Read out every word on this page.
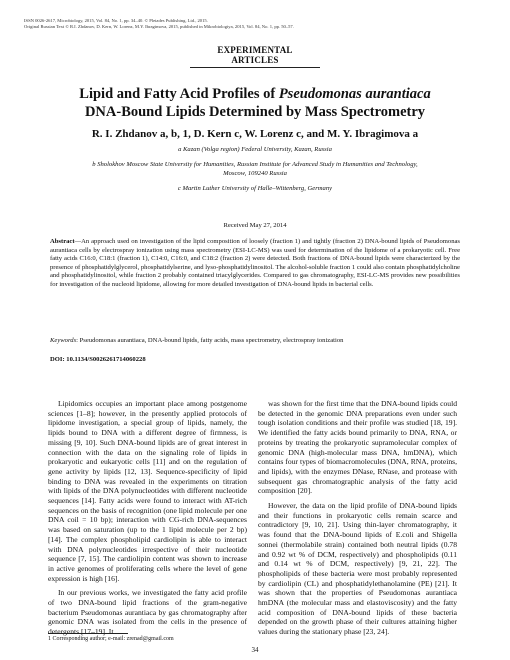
ISSN 0026-2617, Microbiology, 2015, Vol. 84, No. 1, pp. 34–40. © Pleiades Publishing, Ltd., 2015.
Original Russian Text © R.I. Zhdanov, D. Kern, W. Lorenz, M.Y. Ibragimova, 2015, published in Mikrobiologiya, 2015, Vol. 84, No. 1, pp. 50–57.
EXPERIMENTAL
ARTICLES
Lipid and Fatty Acid Profiles of Pseudomonas aurantiaca
DNA-Bound Lipids Determined by Mass Spectrometry
R. I. Zhdanov a, b, 1, D. Kern c, W. Lorenz c, and M. Y. Ibragimova a
a Kazan (Volga region) Federal University, Kazan, Russia
b Sholokhov Moscow State University for Humanities, Russian Institute for Advanced Study in Humanities and Technology,
Moscow, 109240 Russia
c Martin Luther University of Halle–Wittenberg, Germany
Received May 27, 2014
Abstract—An approach used on investigation of the lipid composition of loosely (fraction 1) and tightly (fraction 2) DNA-bound lipids of Pseudomonas aurantiaca cells by electrospray ionization using mass spectrometry (ESI-LC-MS) was used for determination of the lipidome of a prokaryotic cell. Free fatty acids C16:0, C18:1 (fraction 1), C14:0, C16:0, and C18:2 (fraction 2) were detected. Both fractions of DNA-bound lipids were characterized by the presence of phosphatidylglycerol, phosphatidylserine, and lyso-phosphatidylinositol. The alcohol-soluble fraction 1 could also contain phosphatidylcholine and phosphatidylinositol, while fraction 2 probably contained triacylglycerides. Compared to gas chromatography, ESI-LC-MS provides new possibilities for investigation of the nucleoid lipidome, allowing for more detailed investigation of DNA-bound lipids in bacterial cells.
Keywords: Pseudomonas aurantiaca, DNA-bound lipids, fatty acids, mass spectrometry, electrospray ionization
DOI: 10.1134/S0026261714060228

Lipidomics occupies an important place among postgenome sciences [1–8]; however, in the presently applied protocols of lipidome investigation, a special group of lipids, namely, the lipids bound to DNA with a different degree of firmness, is missing [9, 10]. Such DNA-bound lipids are of great interest in connection with the data on the signaling role of lipids in prokaryotic and eukaryotic cells [11] and on the regulation of gene activity by lipids [12, 13]. Sequence-specificity of lipid binding to DNA was revealed in the experiments on titration with lipids of the DNA polynucleotides with different nucleotide sequences [14]. Fatty acids were found to interact with AT-rich sequences on the basis of recognition (one lipid molecule per one DNA coil = 10 bp); interaction with CG-rich DNA-sequences was based on saturation (up to the 1 lipid molecule per 2 bp) [14]. The complex phospholipid cardiolipin is able to interact with DNA polynucleotides irrespective of their nucleotide sequence [7, 15]. The cardiolipin content was shown to increase in active genomes of proliferating cells where the level of gene expression is high [16].

In our previous works, we investigated the fatty acid profile of two DNA-bound lipid fractions of the gram-negative bacterium Pseudomonas aurantiaca by gas chromatography after genomic DNA was isolated from the cells in the presence of detergents [17–19]. It

was shown for the first time that the DNA-bound lipids could be detected in the genomic DNA preparations even under such tough isolation conditions and their profile was studied [18, 19]. We identified the fatty acids bound primarily to DNA, RNA, or proteins by treating the prokaryotic supramolecular complex of genomic DNA (high-molecular mass DNA, hmDNA), which contains four types of biomacromolecules (DNA, RNA, proteins, and lipids), with the enzymes DNase, RNase, and protease with subsequent gas chromatographic analysis of the fatty acid composition [20].

However, the data on the lipid profile of DNA-bound lipids and their functions in prokaryotic cells remain scarce and contradictory [9, 10, 21]. Using thin-layer chromatography, it was found that the DNA-bound lipids of E.coli and Shigella sonnei (thermolabile strain) contained both neutral lipids (0.78 and 0.92 wt % of DCM, respectively) and phospholipids (0.11 and 0.14 wt % of DCM, respectively) [9, 21, 22]. The phospholipids of these bacteria were most probably represented by cardiolipin (CL) and phosphatidylethanolamine (PE) [21]. It was shown that the properties of Pseudomonas aurantiaca hmDNA (the molecular mass and elastoviscosity) and the fatty acid composition of DNA-bound lipids of these bacteria depended on the growth phase of their cultures attaining higher values during the stationary phase [23, 24].

1 Corresponding author; e-mail: zrenad@gmail.com
34
